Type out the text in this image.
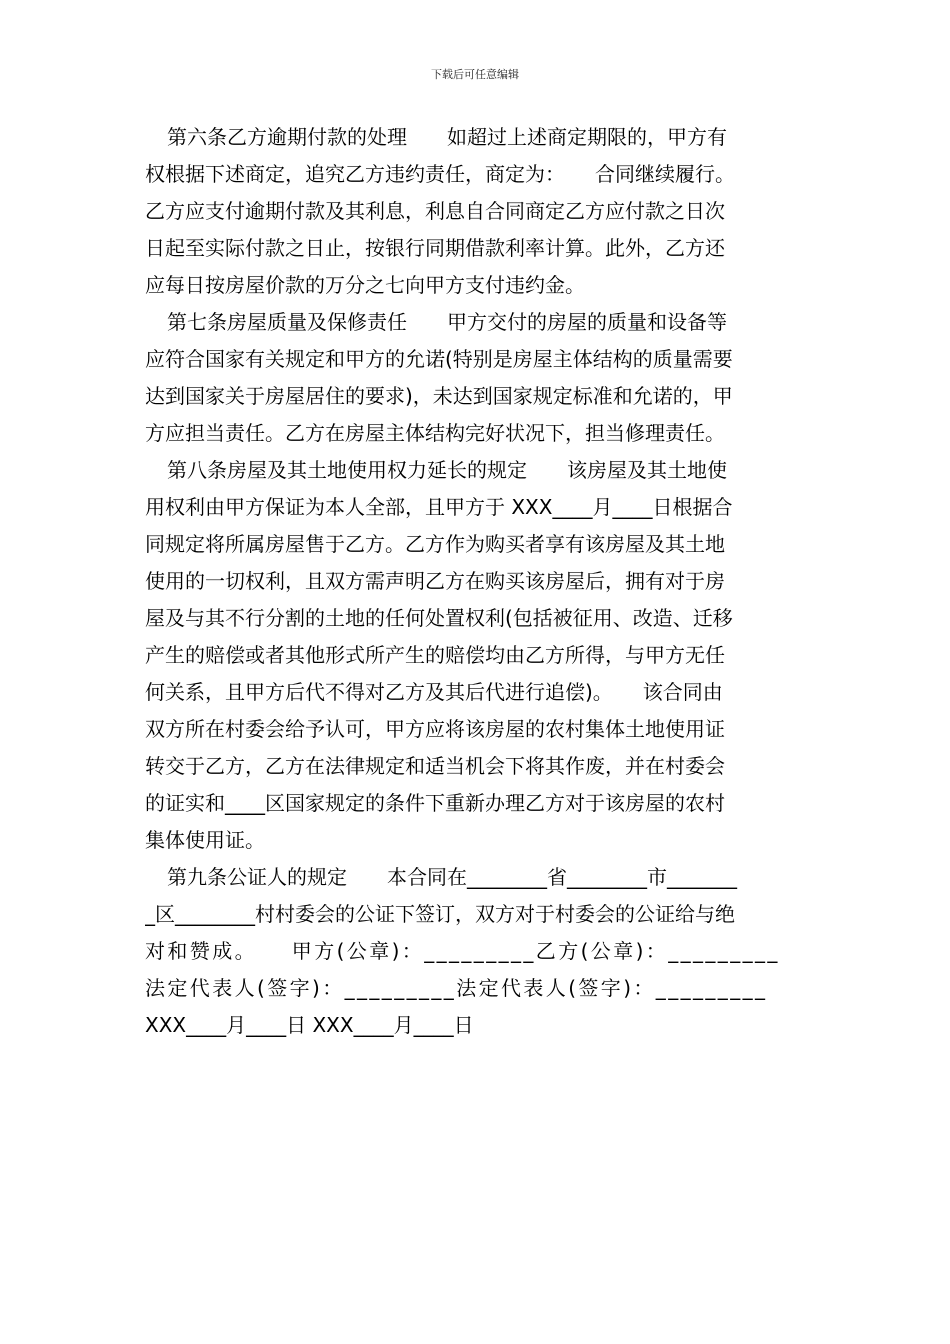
下载后可任意编辑
第六条乙方逾期付款的处理　　如超过上述商定期限的，甲方有
权根据下述商定，追究乙方违约责任，商定为：　　合同继续履行。
乙方应支付逾期付款及其利息，利息自合同商定乙方应付款之日次
日起至实际付款之日止，按银行同期借款利率计算。此外，乙方还
应每日按房屋价款的万分之七向甲方支付违约金。
第七条房屋质量及保修责任　　甲方交付的房屋的质量和设备等
应符合国家有关规定和甲方的允诺(特别是房屋主体结构的质量需要
达到国家关于房屋居住的要求)，未达到国家规定标准和允诺的，甲
方应担当责任。乙方在房屋主体结构完好状况下，担当修理责任。
第八条房屋及其土地使用权力延长的规定　　该房屋及其土地使
用权利由甲方保证为本人全部，且甲方于 XXX____月____日根据合
同规定将所属房屋售于乙方。乙方作为购买者享有该房屋及其土地
使用的一切权利，且双方需声明乙方在购买该房屋后，拥有对于房
屋及与其不行分割的土地的任何处置权利(包括被征用、改造、迁移
产生的赔偿或者其他形式所产生的赔偿均由乙方所得，与甲方无任
何关系，且甲方后代不得对乙方及其后代进行追偿)。　　该合同由
双方所在村委会给予认可，甲方应将该房屋的农村集体土地使用证
转交于乙方，乙方在法律规定和适当机会下将其作废，并在村委会
的证实和____区国家规定的条件下重新办理乙方对于该房屋的农村
集体使用证。
第九条公证人的规定　　本合同在________省________市_______
_区________村村委会的公证下签订，双方对于村委会的公证给与绝
对和赞成。　　甲方(公章)：_________乙方(公章)：_________
法定代表人(签字)：_________法定代表人(签字)：_________
XXX____月____日 XXX____月____日
